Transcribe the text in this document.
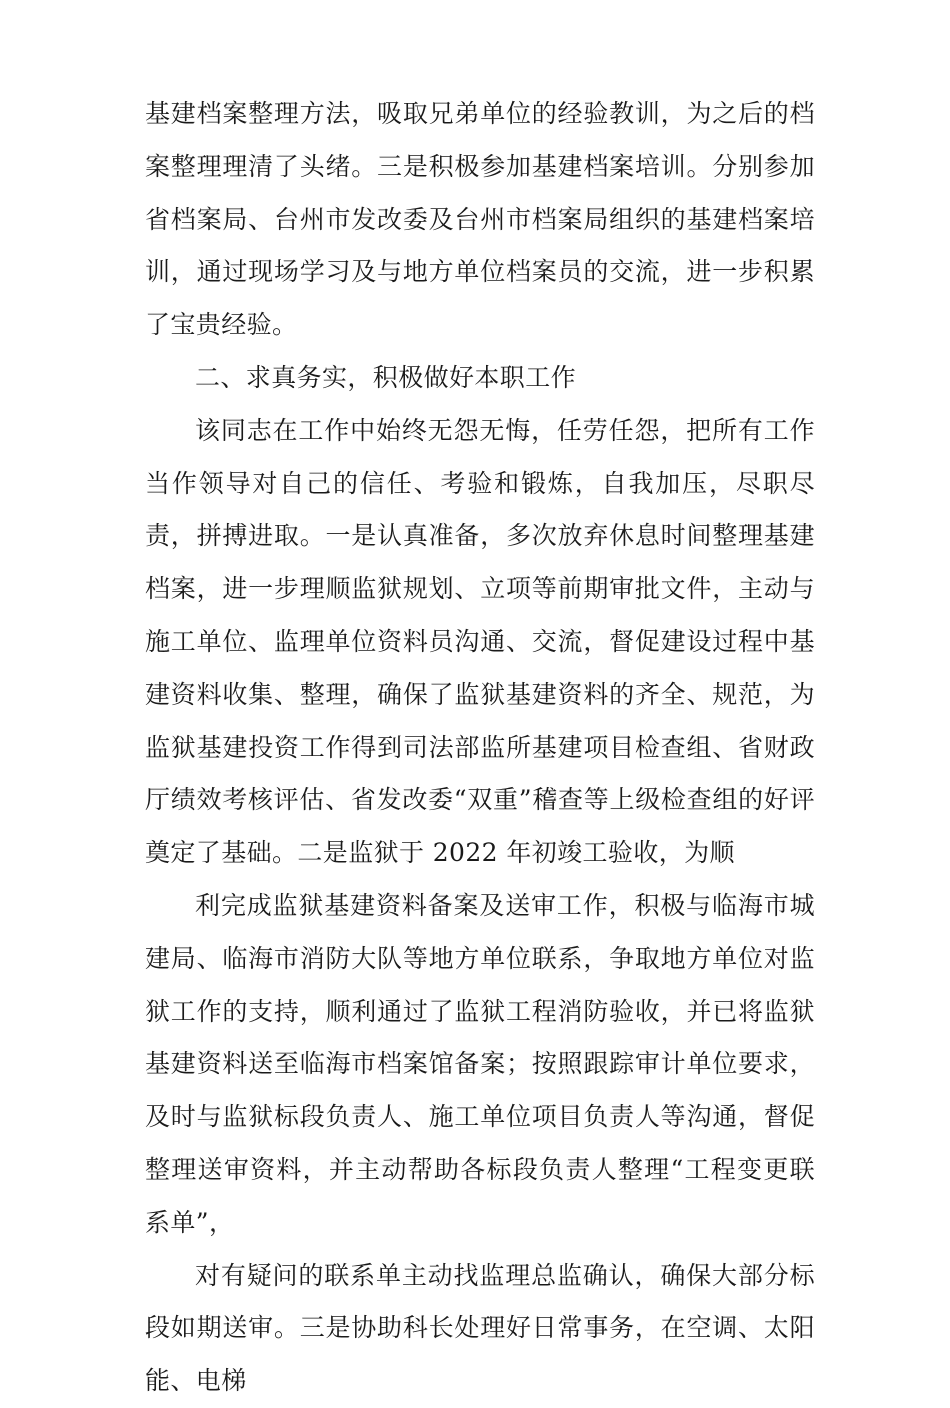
基建档案整理方法，吸取兄弟单位的经验教训，为之后的档案整理理清了头绪。三是积极参加基建档案培训。分别参加省档案局、台州市发改委及台州市档案局组织的基建档案培训，通过现场学习及与地方单位档案员的交流，进一步积累了宝贵经验。

二、求真务实，积极做好本职工作

该同志在工作中始终无怨无悔，任劳任怨，把所有工作当作领导对自己的信任、考验和锻炼，自我加压，尽职尽责，拼搏进取。一是认真准备，多次放弃休息时间整理基建档案，进一步理顺监狱规划、立项等前期审批文件，主动与施工单位、监理单位资料员沟通、交流，督促建设过程中基建资料收集、整理，确保了监狱基建资料的齐全、规范，为监狱基建投资工作得到司法部监所基建项目检查组、省财政厅绩效考核评估、省发改委“双重”稽查等上级检查组的好评奠定了基础。二是监狱于 2022 年初竣工验收，为顺

利完成监狱基建资料备案及送审工作，积极与临海市城建局、临海市消防大队等地方单位联系，争取地方单位对监狱工作的支持，顺利通过了监狱工程消防验收，并已将监狱基建资料送至临海市档案馆备案；按照跟踪审计单位要求，及时与监狱标段负责人、施工单位项目负责人等沟通，督促整理送审资料，并主动帮助各标段负责人整理“工程变更联系单”，

对有疑问的联系单主动找监理总监确认，确保大部分标段如期送审。三是协助科长处理好日常事务，在空调、太阳能、电梯
